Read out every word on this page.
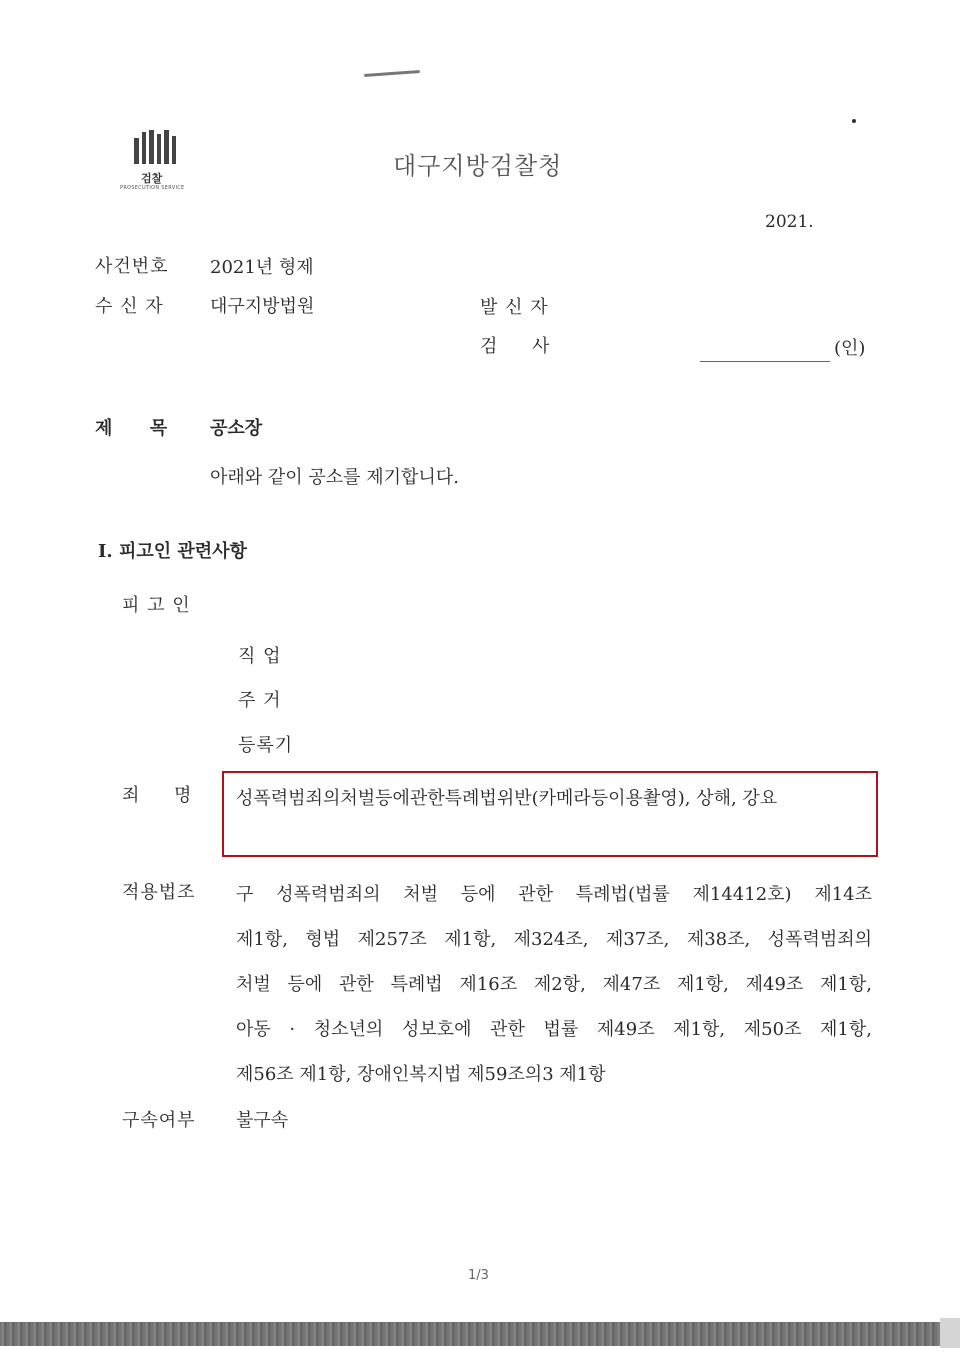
검찰
PROSECUTION SERVICE
대구지방검찰청
2021.
사건번호 2021년 형제
수 신 자	대구지방법원	발 신 자
검     사	(인)
제     목 공소장
아래와 같이 공소를 제기합니다.
I. 피고인 관련사항
피 고 인
직 업
주 거
등록기
죄     명 성폭력범죄의처벌등에관한특례법위반(카메라등이용촬영), 상해, 강요
적용법조 구 성폭력범죄의 처벌 등에 관한 특례법(법률 제14412호) 제14조
제1항, 형법 제257조 제1항, 제324조, 제37조, 제38조, 성폭력범죄의
처벌 등에 관한 특례법 제16조 제2항, 제47조 제1항, 제49조 제1항,
아동 · 청소년의 성보호에 관한 법률 제49조 제1항, 제50조 제1항,
제56조 제1항, 장애인복지법 제59조의3 제1항
구속여부 불구속
1/3
